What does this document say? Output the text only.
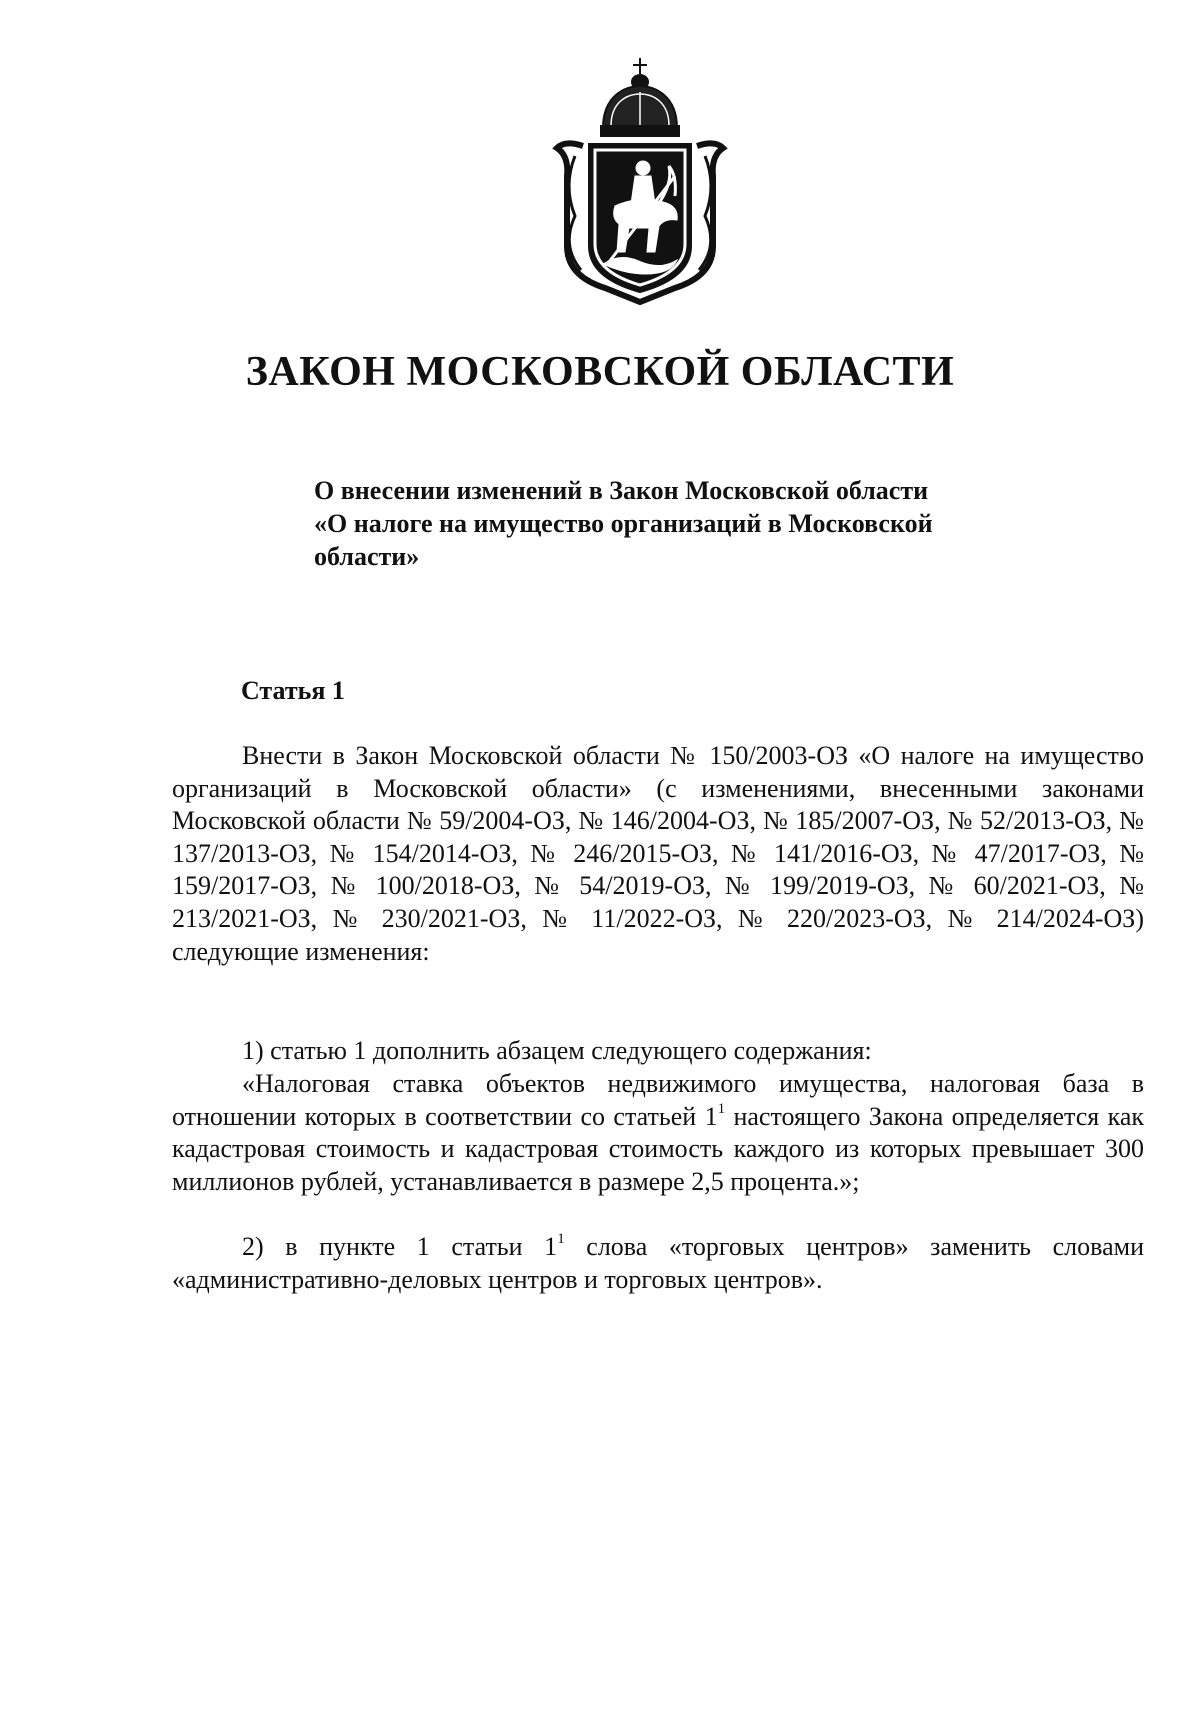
ЗАКОН МОСКОВСКОЙ ОБЛАСТИ
О внесении изменений в Закон Московской области
«О налоге на имущество организаций в Московской
области»
Статья 1

Внести в Закон Московской области № 150/2003-ОЗ «О налоге на имущество организаций в Московской области» (с изменениями, внесенными законами Московской области № 59/2004-ОЗ, № 146/2004-ОЗ, № 185/2007-ОЗ, № 52/2013-ОЗ, № 137/2013-ОЗ, № 154/2014-ОЗ, № 246/2015-ОЗ, № 141/2016-ОЗ, № 47/2017-ОЗ, № 159/2017-ОЗ, № 100/2018-ОЗ, № 54/2019-ОЗ, № 199/2019-ОЗ, № 60/2021-ОЗ, № 213/2021-ОЗ, № 230/2021-ОЗ, № 11/2022-ОЗ, № 220/2023-ОЗ, № 214/2024-ОЗ) следующие изменения:

1) статью 1 дополнить абзацем следующего содержания:

«Налоговая ставка объектов недвижимого имущества, налоговая база в отношении которых в соответствии со статьей $1^1$ настоящего Закона определяется как кадастровая стоимость и кадастровая стоимость каждого из которых превышает 300 миллионов рублей, устанавливается в размере 2,5 процента.»;

2) в пункте 1 статьи $1^1$ слова «торговых центров» заменить словами «административно-деловых центров и торговых центров».
